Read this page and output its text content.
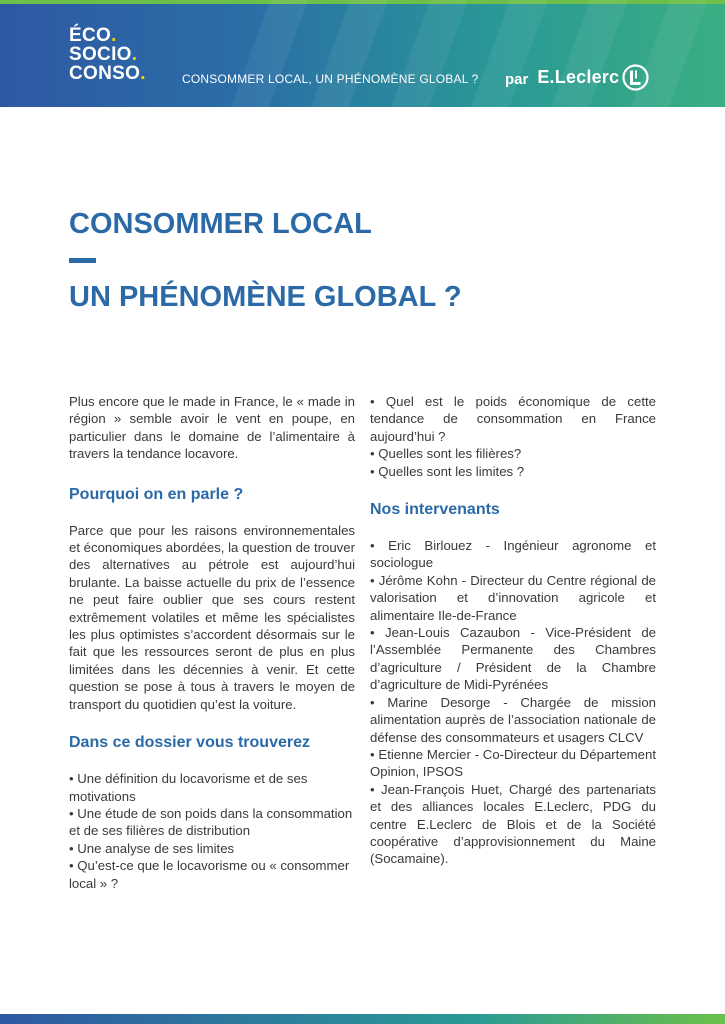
ÉCO.
SOCIO.
CONSO.	CONSOMMER LOCAL, UN PHÉNOMÈNE GLOBAL ? par E.Leclerc
CONSOMMER LOCAL
UN PHÉNOMÈNE GLOBAL ?

Plus encore que le made in France, le « made in région » semble avoir le vent en poupe, en particulier dans le domaine de l’alimentaire à travers la tendance locavore.

Pourquoi on en parle ?

Parce que pour les raisons environnementales et économiques abordées, la question de trouver des alternatives au pétrole est aujourd’hui brulante. La baisse actuelle du prix de l’essence ne peut faire oublier que ses cours restent extrêmement volatiles et même les spécialistes les plus optimistes s’accordent désormais sur le fait que les ressources seront de plus en plus limitées dans les décennies à venir. Et cette question se pose à tous à travers le moyen de transport du quotidien qu’est la voiture.

Dans ce dossier vous trouverez
• Une définition du locavorisme et de ses motivations
• Une étude de son poids dans la consommation et de ses filières de distribution
• Une analyse de ses limites
• Qu’est-ce que le locavorisme ou « consommer local » ?

• Quel est le poids économique de cette tendance de consommation en France aujourd’hui ?

• Quelles sont les filières?
• Quelles sont les limites ?
Nos intervenants

• Eric Birlouez - Ingénieur agronome et sociologue

• Jérôme Kohn - Directeur du Centre régional de valorisation et d’innovation agricole et alimentaire Ile-de-France

• Jean-Louis Cazaubon - Vice-Président de l’Assemblée Permanente des Chambres d’agriculture / Président de la Chambre d’agriculture de Midi-Pyrénées

• Marine Desorge - Chargée de mission alimentation auprès de l’association nationale de défense des consommateurs et usagers CLCV

• Etienne Mercier - Co-Directeur du Département Opinion, IPSOS

• Jean-François Huet, Chargé des partenariats et des alliances locales E.Leclerc, PDG du centre E.Leclerc de Blois et de la Société coopérative d’approvisionnement du Maine (Socamaine).
